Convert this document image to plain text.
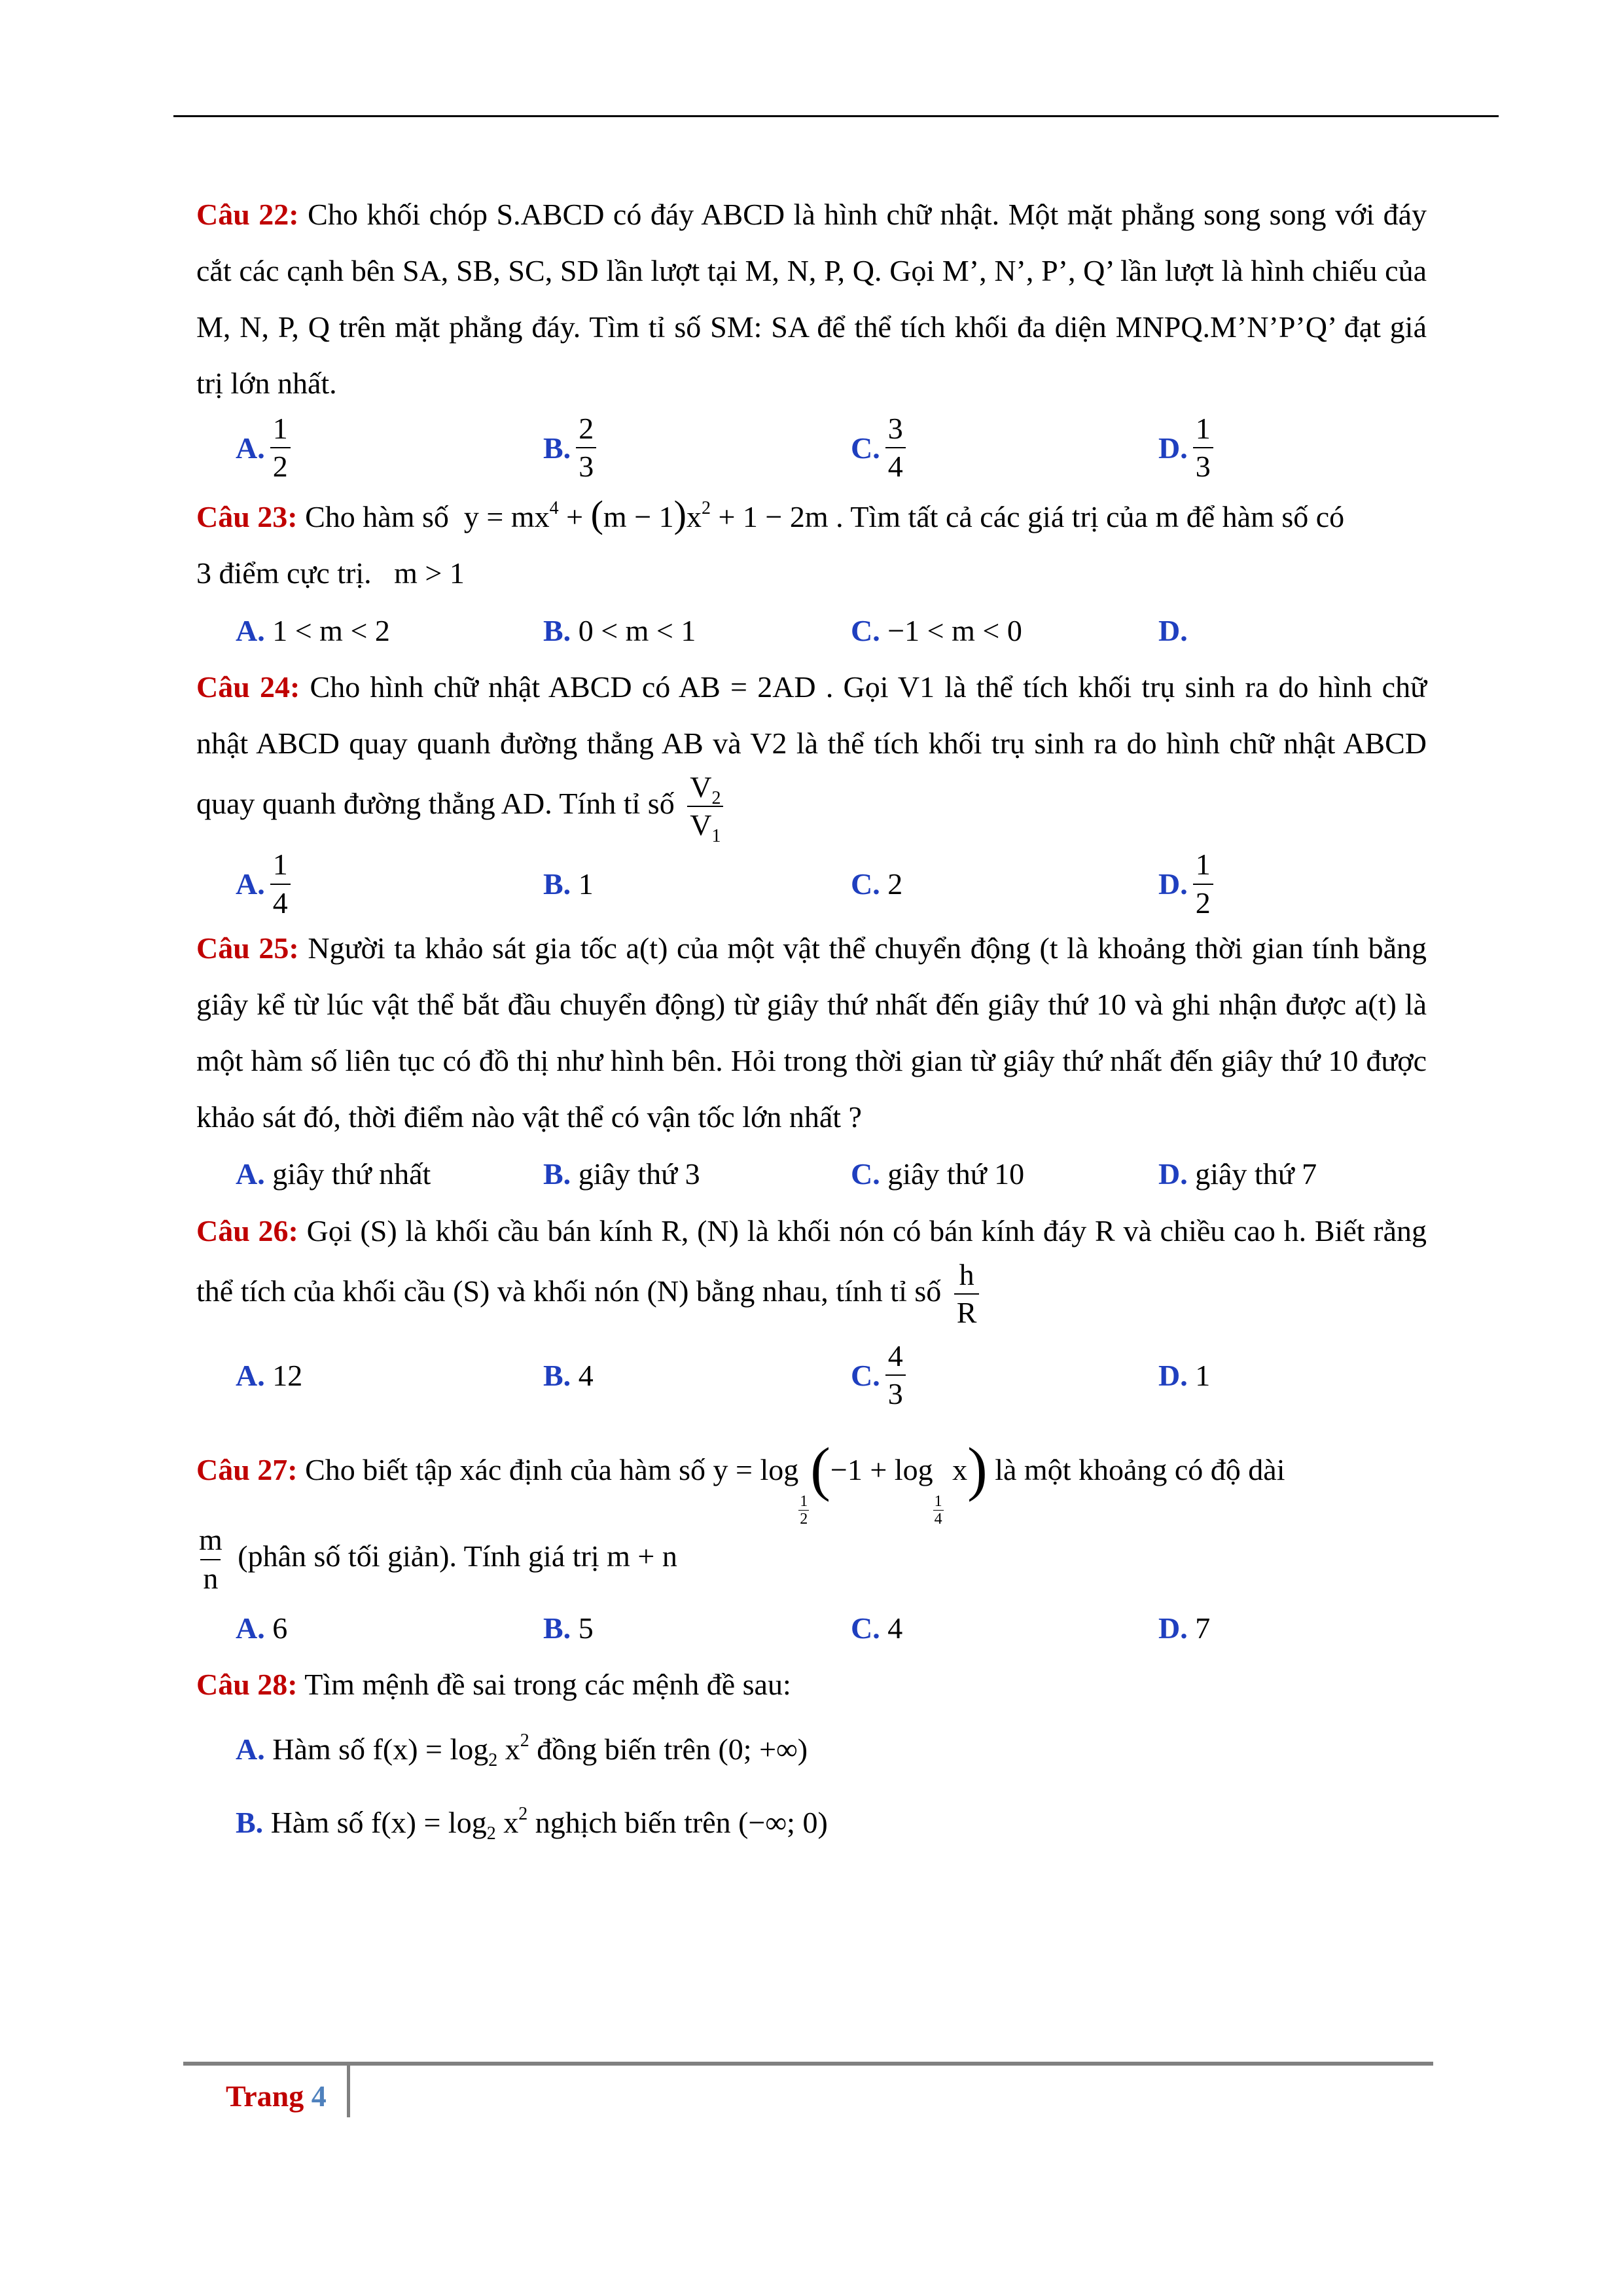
Câu 22: Cho khối chóp S.ABCD có đáy ABCD là hình chữ nhật. Một mặt phẳng song song với đáy cắt các cạnh bên SA, SB, SC, SD lần lượt tại M, N, P, Q. Gọi M’, N’, P’, Q’ lần lượt là hình chiếu của M, N, P, Q trên mặt phẳng đáy. Tìm tỉ số SM: SA để thể tích khối đa diện MNPQ.M’N’P’Q’ đạt giá trị lớn nhất.

A. $\frac{1}{2}$	B. $\frac{2}{3}$	C. $\frac{3}{4}$	D. $\frac{1}{3}$

Câu 23: Cho hàm số $y = mx^4 + (m - 1)x^2 + 1 - 2m$ . Tìm tất cả các giá trị của m để hàm số có
3 điểm cực trị. m > 1

A.
1 < m < 2	B.
0 < m < 1	C.
−1 < m < 0	D.

Câu 24: Cho hình chữ nhật ABCD có AB = 2AD . Gọi V1 là thể tích khối trụ sinh ra do hình chữ nhật ABCD quay quanh đường thẳng AB và V2 là thể tích khối trụ sinh ra do hình chữ nhật ABCD quay quanh đường thẳng AD. Tính tỉ số $\frac{V_2}{V_1}$

A. $\frac{1}{4}$	B.
1	C.
2	D. $\frac{1}{2}$

Câu 25: Người ta khảo sát gia tốc a(t) của một vật thể chuyển động (t là khoảng thời gian tính bằng giây kể từ lúc vật thể bắt đầu chuyển động) từ giây thứ nhất đến giây thứ 10 và ghi nhận được a(t) là một hàm số liên tục có đồ thị như hình bên. Hỏi trong thời gian từ giây thứ nhất đến giây thứ 10 được khảo sát đó, thời điểm nào vật thể có vận tốc lớn nhất ?

A.
giây thứ nhất	B.
giây thứ 3	C.
giây thứ 10	D.
giây thứ 7

Câu 26: Gọi (S) là khối cầu bán kính R, (N) là khối nón có bán kính đáy R và chiều cao h. Biết rằng thể tích của khối cầu (S) và khối nón (N) bằng nhau, tính tỉ số $\frac{h}{R}$

A.
12	B.
4	C. $\frac{4}{3}$	D.
1

Câu 27: Cho biết tập xác định của hàm số y = log
$\frac{1}{2}$
(−1 + log
$\frac{1}{4}$
x) là một khoảng có độ dài

$\frac{m}{n}$ (phân số tối giản). Tính giá trị m + n

A.
6	B.
5	C.
4	D.
7

Câu 28: Tìm mệnh đề sai trong các mệnh đề sau:

A. Hàm số $f(x) = \log_2 x^2$ đồng biến trên (0; +∞)

B. Hàm số $f(x) = \log_2 x^2$ nghịch biến trên (−∞; 0)

Trang 4
